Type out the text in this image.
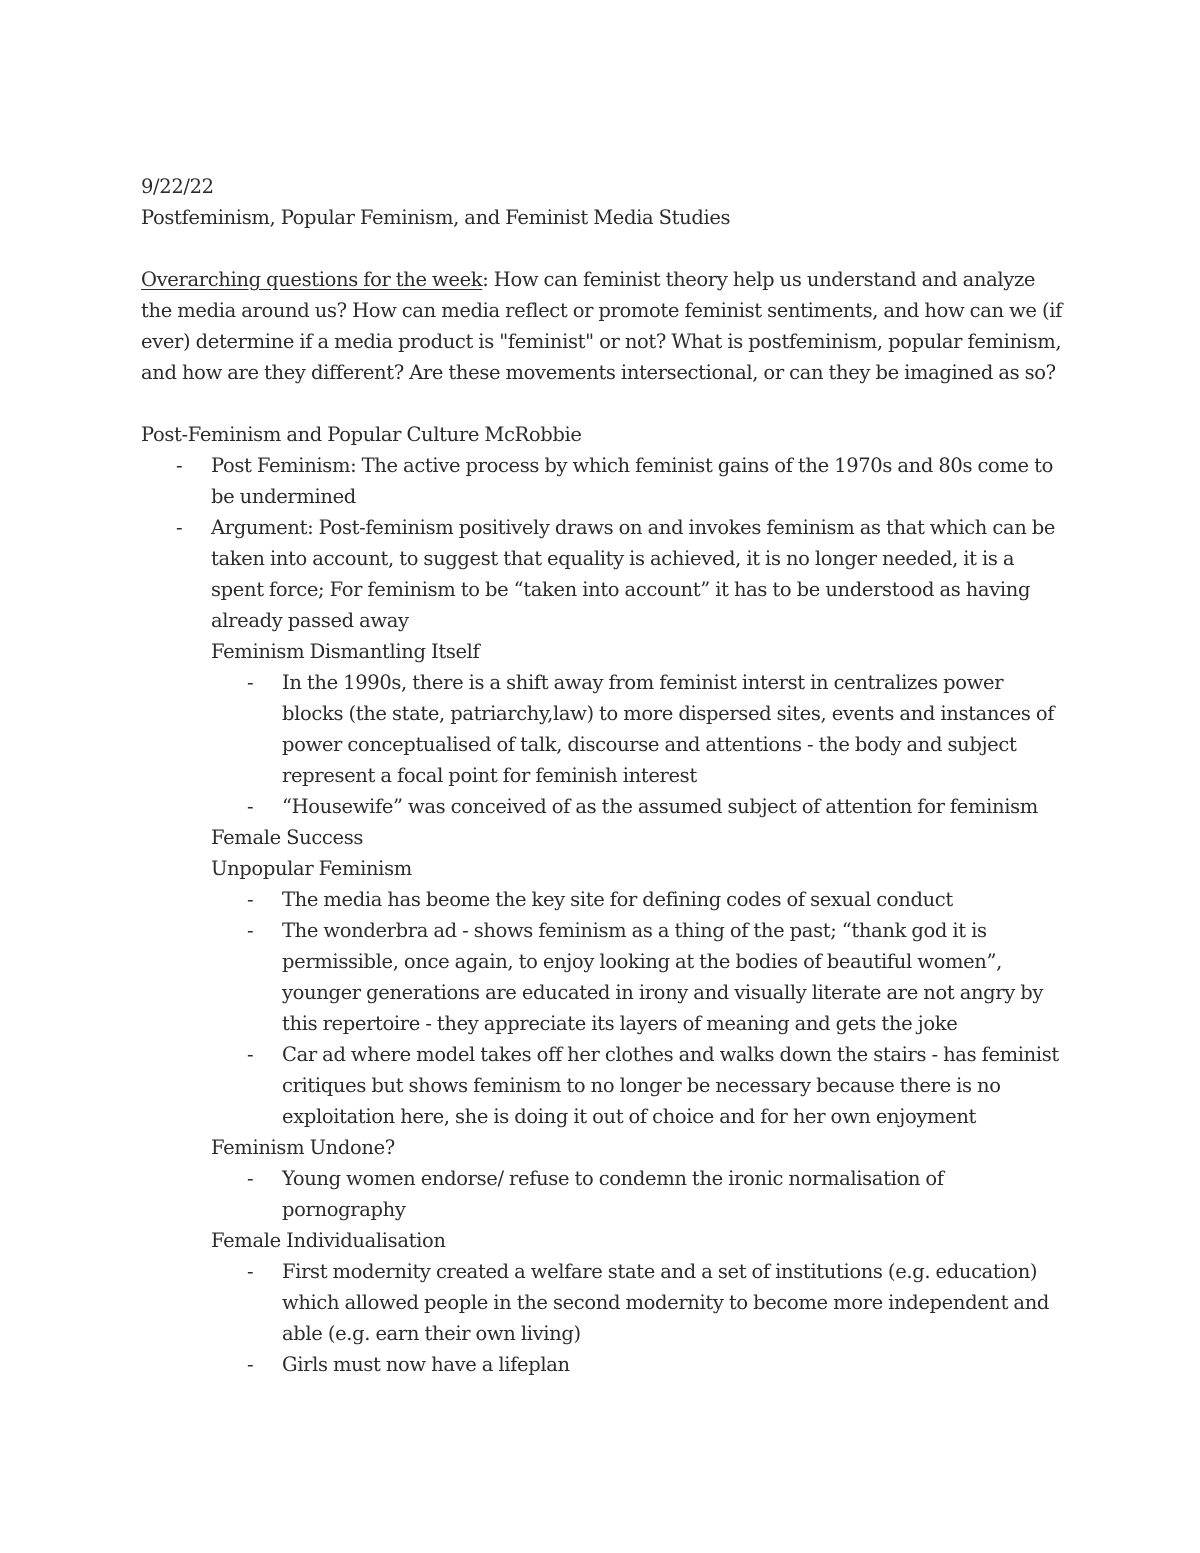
9/22/22

Postfeminism, Popular Feminism, and Feminist Media Studies

Overarching questions for the week: How can feminist theory help us understand and analyze the media around us? How can media reflect or promote feminist sentiments, and how can we (if ever) determine if a media product is "feminist" or not? What is postfeminism, popular feminism, and how are they different? Are these movements intersectional, or can they be imagined as so?

Post-Feminism and Popular Culture McRobbie

- Post Feminism: The active process by which feminist gains of the 1970s and 80s come to be undermined
- Argument: Post-feminism positively draws on and invokes feminism as that which can be taken into account, to suggest that equality is achieved, it is no longer needed, it is a spent force; For feminism to be “taken into account” it has to be understood as having already passed away

Feminism Dismantling Itself

- In the 1990s, there is a shift away from feminist interst in centralizes power blocks (the state, patriarchy,law) to more dispersed sites, events and instances of power conceptualised of talk, discourse and attentions - the body and subject represent a focal point for feminish interest
- “Housewife” was conceived of as the assumed subject of attention for feminism

Female Success

Unpopular Feminism

- The media has beome the key site for defining codes of sexual conduct
- The wonderbra ad - shows feminism as a thing of the past; “thank god it is permissible, once again, to enjoy looking at the bodies of beautiful women”, younger generations are educated in irony and visually literate are not angry by this repertoire - they appreciate its layers of meaning and gets the joke
- Car ad where model takes off her clothes and walks down the stairs - has feminist critiques but shows feminism to no longer be necessary because there is no exploitation here, she is doing it out of choice and for her own enjoyment

Feminism Undone?

- Young women endorse/ refuse to condemn the ironic normalisation of pornography

Female Individualisation

- First modernity created a welfare state and a set of institutions (e.g. education) which allowed people in the second modernity to become more independent and able (e.g. earn their own living)
- Girls must now have a lifeplan
